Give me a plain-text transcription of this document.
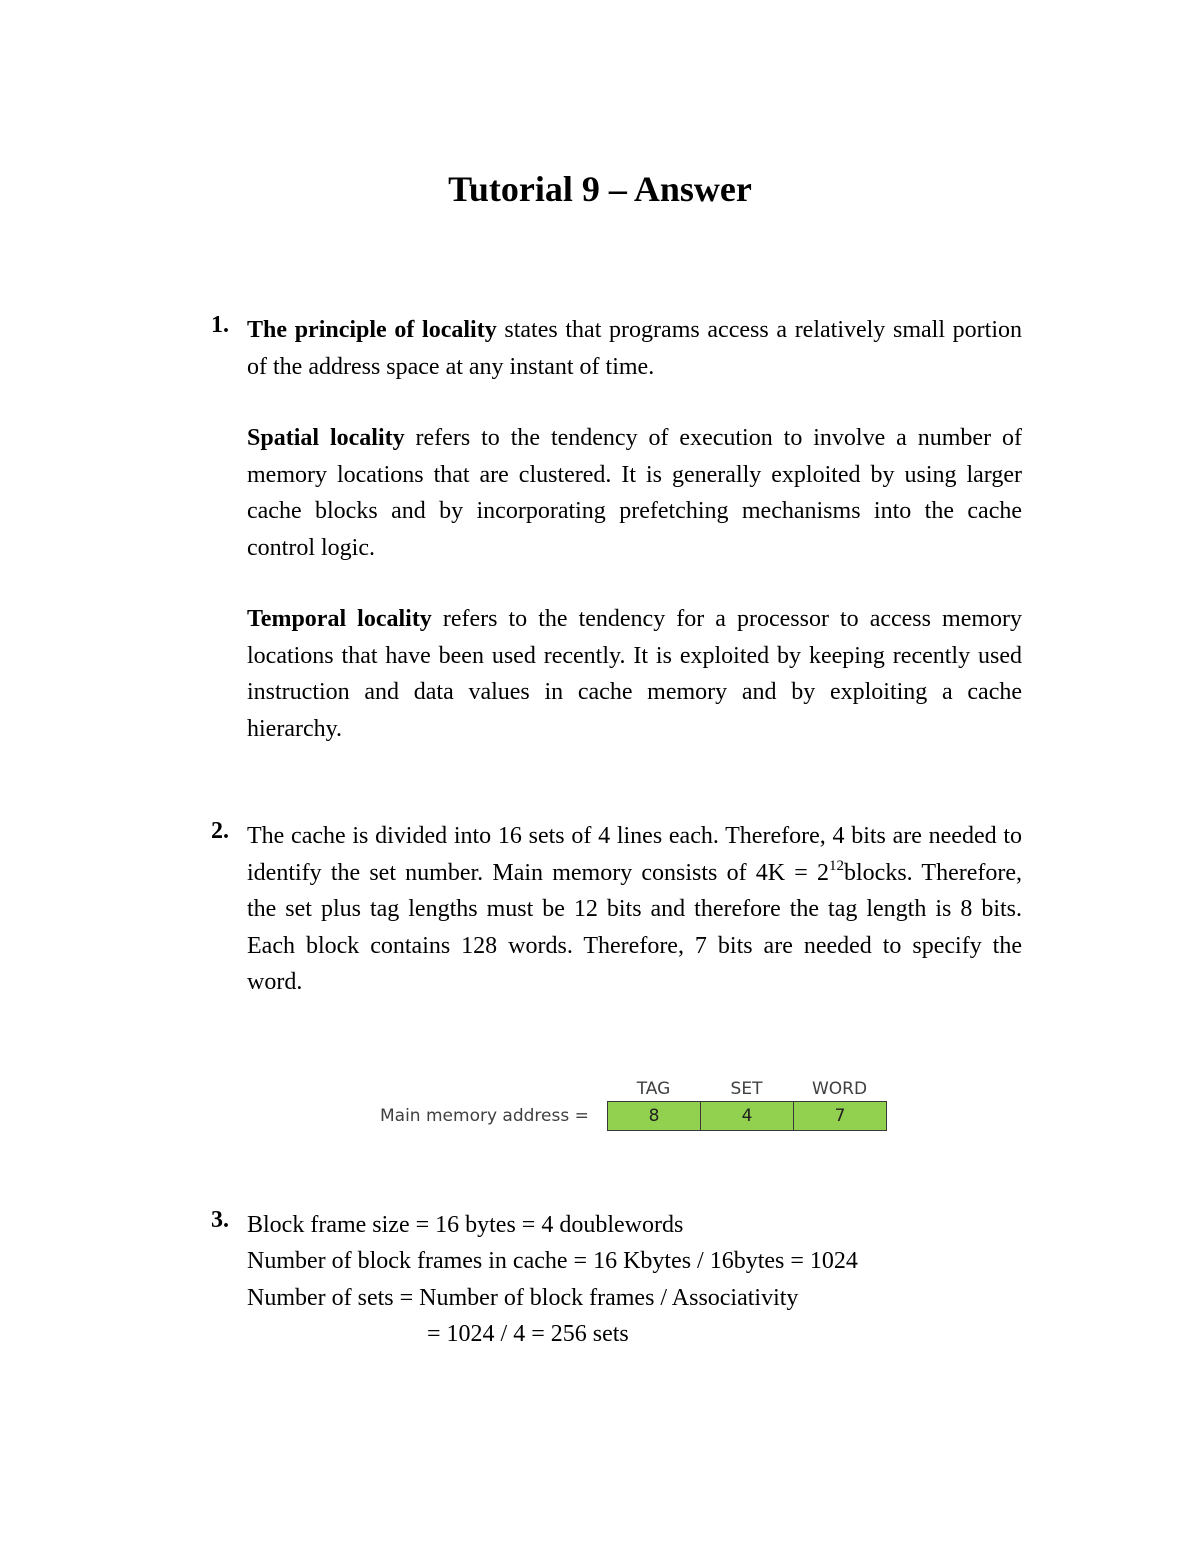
Tutorial 9 – Answer
1. The principle of locality states that programs access a relatively small portion of the address space at any instant of time.
Spatial locality refers to the tendency of execution to involve a number of memory locations that are clustered. It is generally exploited by using larger cache blocks and by incorporating prefetching mechanisms into the cache control logic.
Temporal locality refers to the tendency for a processor to access memory locations that have been used recently. It is exploited by keeping recently used instruction and data values in cache memory and by exploiting a cache hierarchy.
2. The cache is divided into 16 sets of 4 lines each. Therefore, 4 bits are needed to identify the set number. Main memory consists of $4K = 2^{12}blocks$. Therefore, the set plus tag lengths must be 12 bits and therefore the tag length is 8 bits. Each block contains 128 words. Therefore, 7 bits are needed to specify the word.
Main memory address =
TAG	SET	WORD
8	4	7
3. Block frame size = 16 bytes = 4 doublewords
Number of block frames in cache = 16 Kbytes / 16bytes = 1024
Number of sets = Number of block frames / Associativity
= 1024 / 4 = 256 sets
